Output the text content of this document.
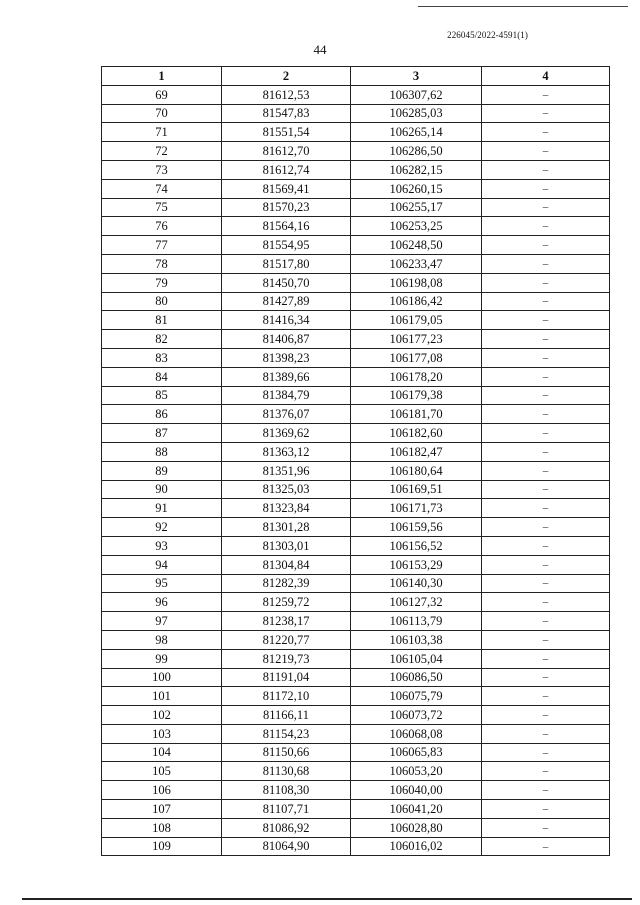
226045/2022-4591(1)
44
1	2	3	4
69	81612,53	106307,62	–
70	81547,83	106285,03	–
71	81551,54	106265,14	–
72	81612,70	106286,50	–
73	81612,74	106282,15	–
74	81569,41	106260,15	–
75	81570,23	106255,17	–
76	81564,16	106253,25	–
77	81554,95	106248,50	–
78	81517,80	106233,47	–
79	81450,70	106198,08	–
80	81427,89	106186,42	–
81	81416,34	106179,05	–
82	81406,87	106177,23	–
83	81398,23	106177,08	–
84	81389,66	106178,20	–
85	81384,79	106179,38	–
86	81376,07	106181,70	–
87	81369,62	106182,60	–
88	81363,12	106182,47	–
89	81351,96	106180,64	–
90	81325,03	106169,51	–
91	81323,84	106171,73	–
92	81301,28	106159,56	–
93	81303,01	106156,52	–
94	81304,84	106153,29	–
95	81282,39	106140,30	–
96	81259,72	106127,32	–
97	81238,17	106113,79	–
98	81220,77	106103,38	–
99	81219,73	106105,04	–
100	81191,04	106086,50	–
101	81172,10	106075,79	–
102	81166,11	106073,72	–
103	81154,23	106068,08	–
104	81150,66	106065,83	–
105	81130,68	106053,20	–
106	81108,30	106040,00	–
107	81107,71	106041,20	–
108	81086,92	106028,80	–
109	81064,90	106016,02	–
